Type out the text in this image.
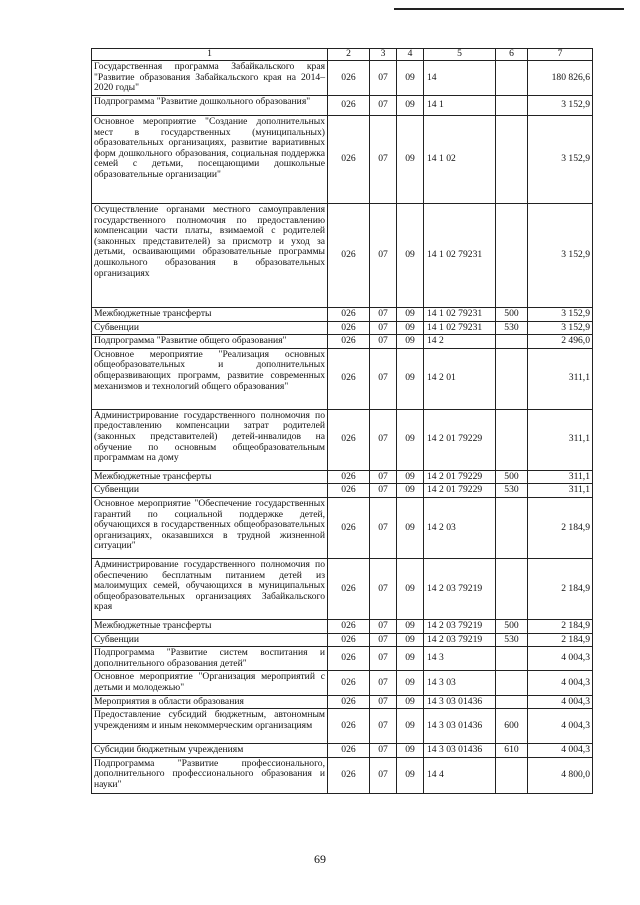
1	2	3	4	5	6	7
Государственная программа Забайкальского края "Развитие образования Забайкальского края на 2014–2020 годы"	026	07	09	14		180 826,6
Подпрограмма "Развитие дошкольного образования"	026	07	09	14 1		3 152,9
Основное мероприятие "Создание дополнительных мест в государственных (муниципальных) образовательных организациях, развитие вариативных форм дошкольного образования, социальная поддержка семей с детьми, посещающими дошкольные образовательные организации"	026	07	09	14 1 02		3 152,9
Осуществление органами местного самоуправления государственного полномочия по предоставлению компенсации части платы, взимаемой с родителей (законных представителей) за присмотр и уход за детьми, осваивающими образовательные программы дошкольного образования в образовательных организациях	026	07	09	14 1 02 79231		3 152,9
Межбюджетные трансферты	026	07	09	14 1 02 79231	500	3 152,9
Субвенции	026	07	09	14 1 02 79231	530	3 152,9
Подпрограмма "Развитие общего образования"	026	07	09	14 2		2 496,0
Основное мероприятие "Реализация основных общеобразовательных и дополнительных общеразвивающих программ, развитие современных механизмов и технологий общего образования"	026	07	09	14 2 01		311,1
Администрирование государственного полномочия по предоставлению компенсации затрат родителей (законных представителей) детей-инвалидов на обучение по основным общеобразовательным программам на дому	026	07	09	14 2 01 79229		311,1
Межбюджетные трансферты	026	07	09	14 2 01 79229	500	311,1
Субвенции	026	07	09	14 2 01 79229	530	311,1
Основное мероприятие "Обеспечение государственных гарантий по социальной поддержке детей, обучающихся в государственных общеобразовательных организациях, оказавшихся в трудной жизненной ситуации"	026	07	09	14 2 03		2 184,9
Администрирование государственного полномочия по обеспечению бесплатным питанием детей из малоимущих семей, обучающихся в муниципальных общеобразовательных организациях Забайкальского края	026	07	09	14 2 03 79219		2 184,9
Межбюджетные трансферты	026	07	09	14 2 03 79219	500	2 184,9
Субвенции	026	07	09	14 2 03 79219	530	2 184,9
Подпрограмма "Развитие систем воспитания и дополнительного образования детей"	026	07	09	14 3		4 004,3
Основное мероприятие "Организация мероприятий с детьми и молодежью"	026	07	09	14 3 03		4 004,3
Мероприятия в области образования	026	07	09	14 3 03 01436		4 004,3
Предоставление субсидий бюджетным, автономным учреждениям и иным некоммерческим организациям	026	07	09	14 3 03 01436	600	4 004,3
Субсидии бюджетным учреждениям	026	07	09	14 3 03 01436	610	4 004,3
Подпрограмма "Развитие профессионального, дополнительного профессионального образования и науки"	026	07	09	14 4		4 800,0
69
